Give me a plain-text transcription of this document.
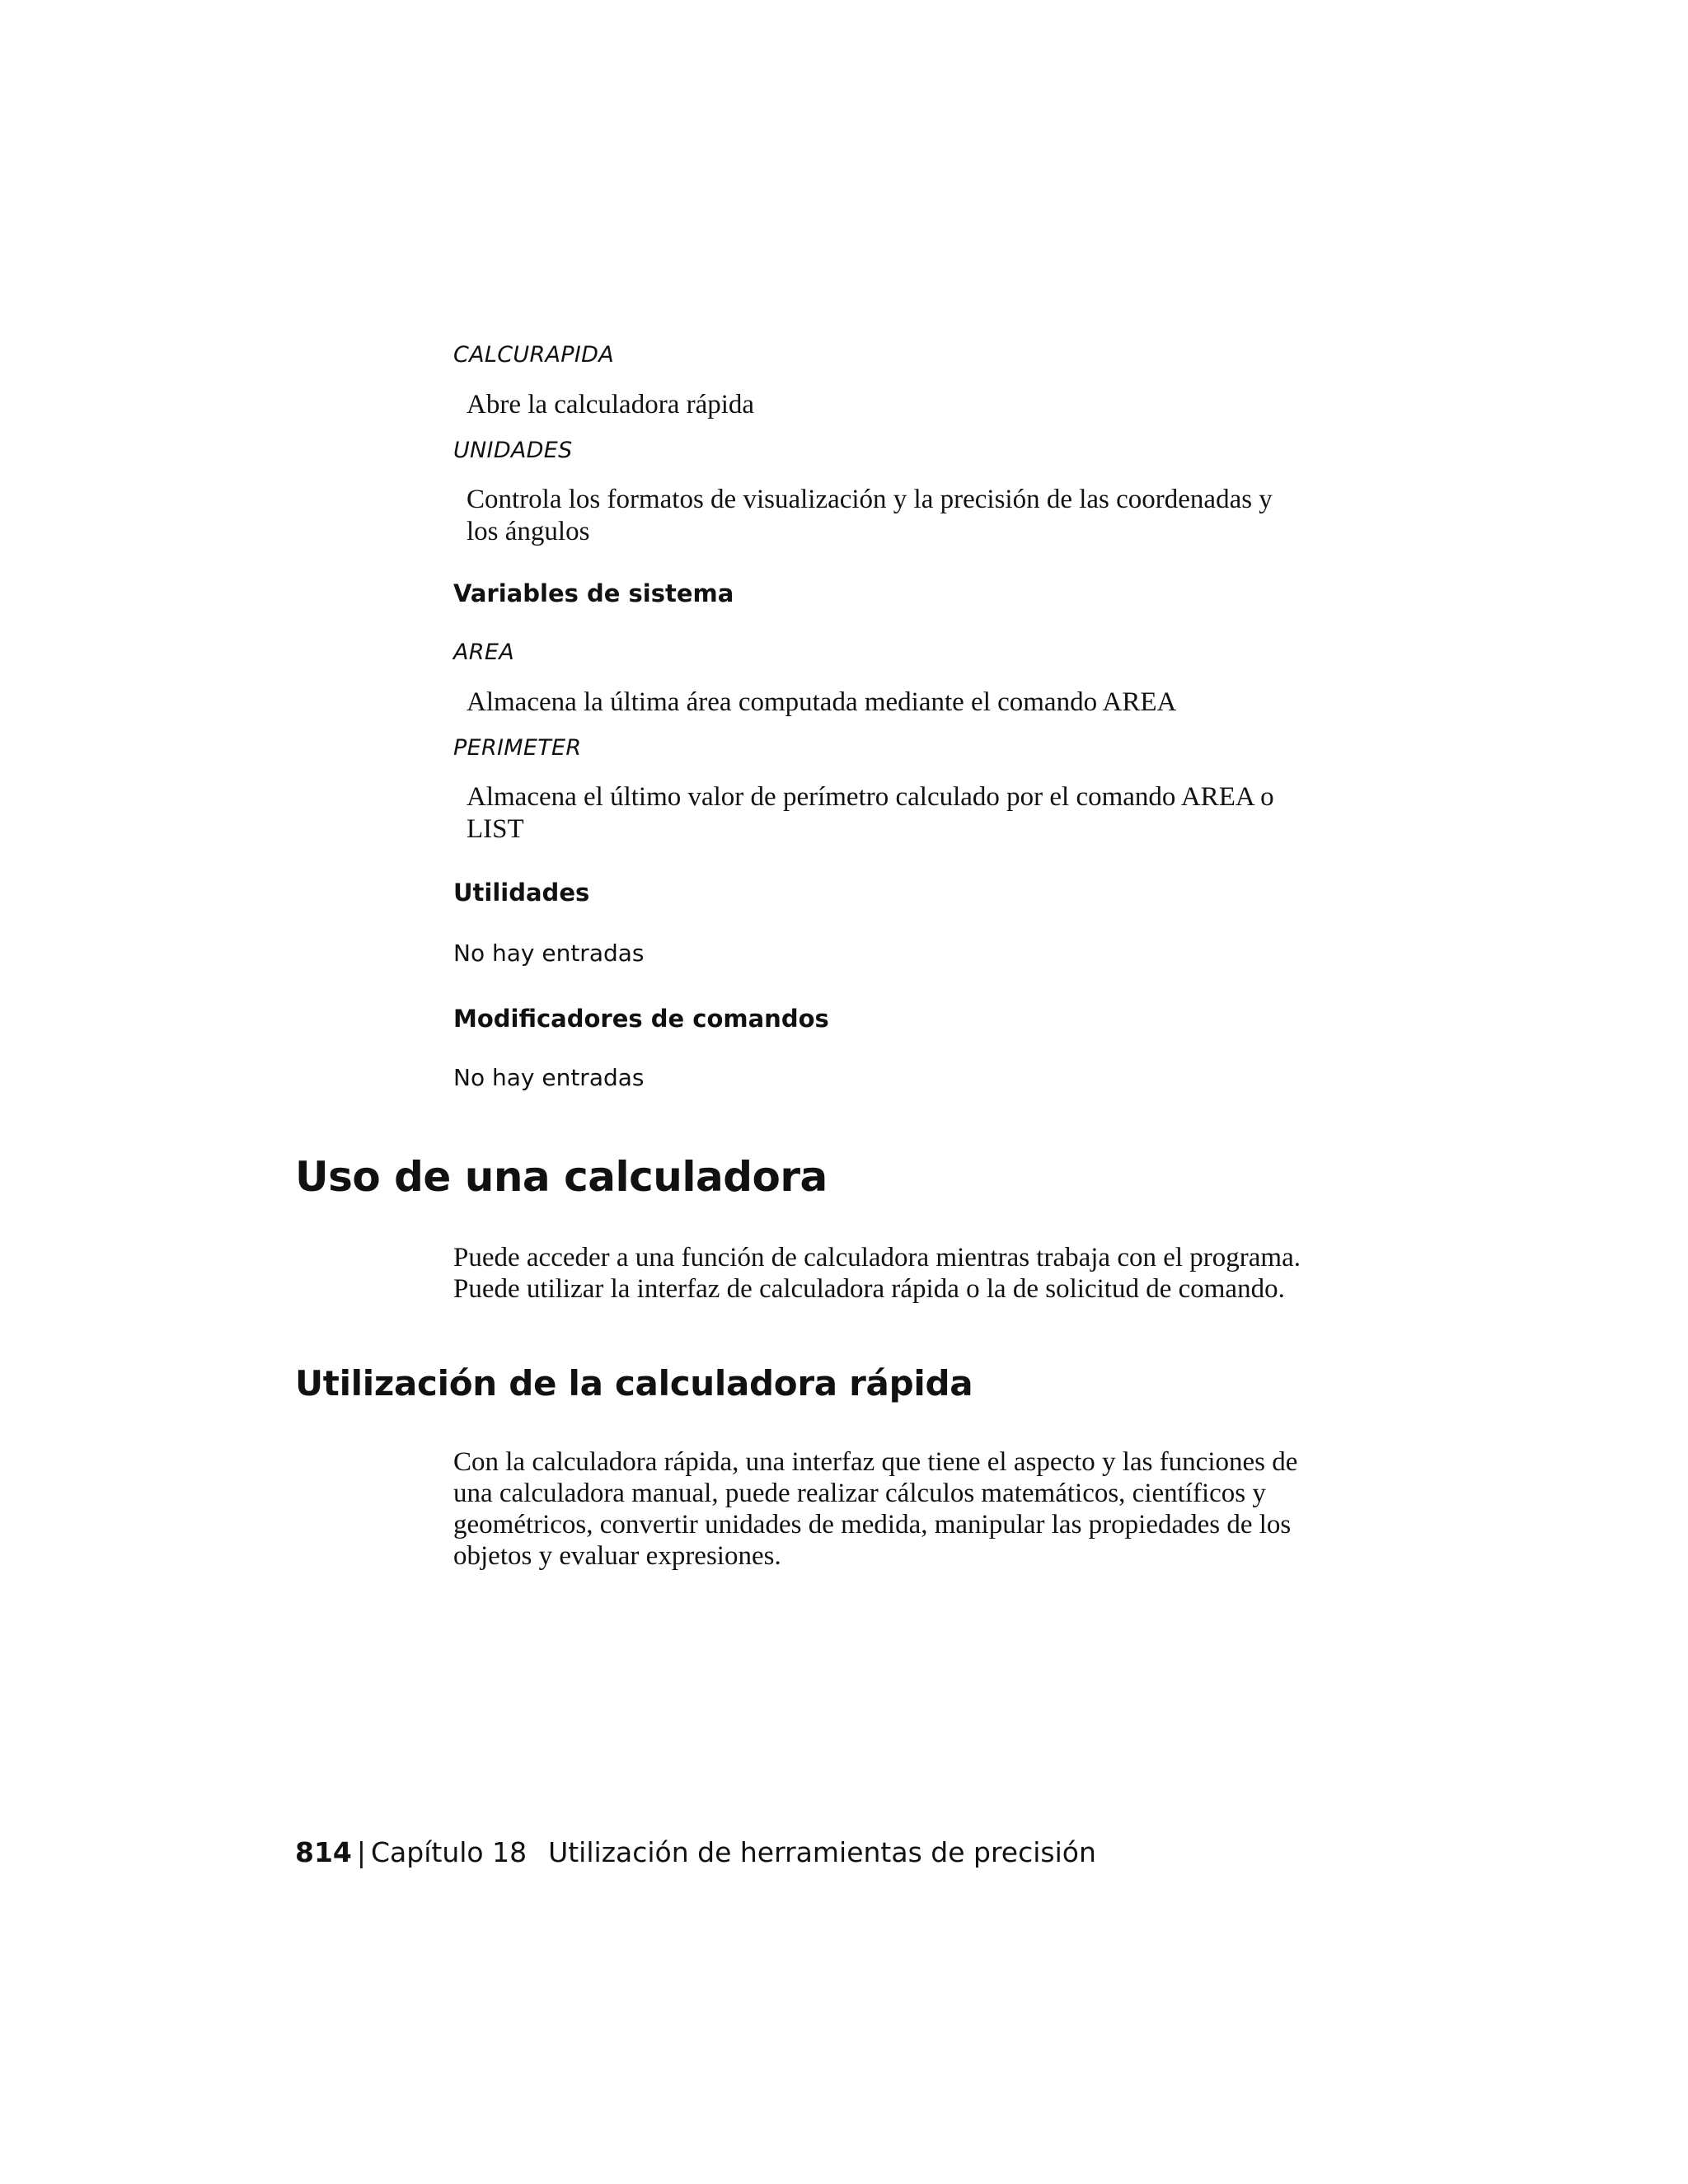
CALCURAPIDA
Abre la calculadora rápida
UNIDADES
Controla los formatos de visualización y la precisión de las coordenadas y
los ángulos
Variables de sistema
AREA
Almacena la última área computada mediante el comando AREA
PERIMETER
Almacena el último valor de perímetro calculado por el comando AREA o
LIST
Utilidades
No hay entradas
Modificadores de comandos
No hay entradas
Uso de una calculadora
Puede acceder a una función de calculadora mientras trabaja con el programa.
Puede utilizar la interfaz de calculadora rápida o la de solicitud de comando.
Utilización de la calculadora rápida
Con la calculadora rápida, una interfaz que tiene el aspecto y las funciones de
una calculadora manual, puede realizar cálculos matemáticos, científicos y
geométricos, convertir unidades de medida, manipular las propiedades de los
objetos y evaluar expresiones.
814 | Capítulo 18 Utilización de herramientas de precisión
